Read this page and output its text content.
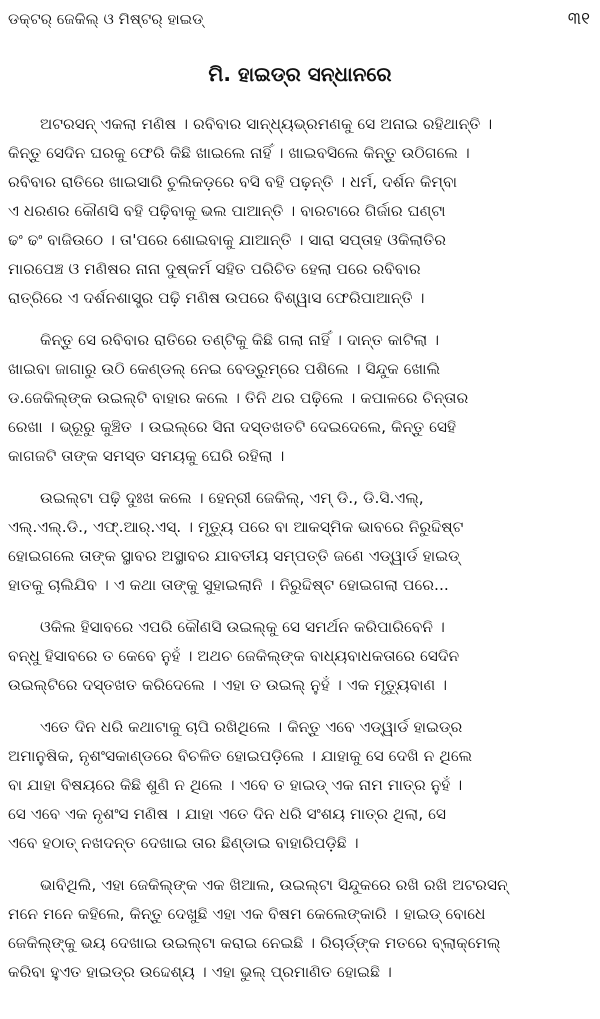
ଡକ୍ଟର୍ ଜେକିଲ୍ ଓ ମିଷ୍ଟର୍ ହାଇଡ୍	୩୧
ମି. ହାଇଡ୍‌ର ସନ୍ଧାନରେ

ଅଟରସନ୍ ଏକଲା ମଣିଷ । ରବିବାର ସାନ୍ଧ୍ୟଭ୍ରମଣକୁ ସେ ଅନାଇ ରହିଥାନ୍ତି ।
କିନ୍ତୁ ସେଦିନ ଘରକୁ ଫେରି କିଛି ଖାଇଲେ ନାହିଁ । ଖାଇବସିଲେ କିନ୍ତୁ ଉଠିଗଲେ ।
ରବିବାର ରାତିରେ ଖାଇସାରି ଚୁଲିକଡ଼ରେ ବସି ବହି ପଢ଼ନ୍ତି । ଧର୍ମ, ଦର୍ଶନ କିମ୍ବା
ଏ ଧରଣର କୌଣସି ବହି ପଢ଼ିବାକୁ ଭଲ ପାଆନ୍ତି । ବାରଟାରେ ଗିର୍ଜାର ଘଣ୍ଟା
ଢଂ ଢଂ ବାଜିଉଠେ । ତା'ପରେ ଶୋଇବାକୁ ଯାଆନ୍ତି । ସାରା ସପ୍ତାହ ଓକିଲାତିର
ମାରପେଞ୍ଚ ଓ ମଣିଷର ନାନା ଦୁଷ୍କର୍ମ ସହିତ ପରିଚିତ ହେଲା ପରେ ରବିବାର
ରାତ୍ରିରେ ଏ ଦର୍ଶନଶାସ୍ତ୍ର ପଢ଼ି ମଣିଷ ଉପରେ ବିଶ୍ୱାସ ଫେରିପାଆନ୍ତି ।

କିନ୍ତୁ ସେ ରବିବାର ରାତିରେ ତଣ୍ଟିକୁ କିଛି ଗଲା ନାହିଁ । ଦାନ୍ତ କାଟିଲା ।
ଖାଇବା ଜାଗାରୁ ଉଠି କେଣ୍ଡଲ୍ ନେଇ ବେଡ୍‌ରୁମ୍‌ରେ ପଶିଲେ । ସିନ୍ଦୁକ ଖୋଲି
ଡ.ଜେକିଲ୍‌ଙ୍କ ଉଇଲ୍‌ଟି ବାହାର କଲେ । ତିନି ଥର ପଢ଼ିଲେ । କପାଳରେ ଚିନ୍ତାର
ରେଖା । ଭ୍ରୂରୁ କୁଞ୍ଚିତ । ଉଇଲ୍‌ରେ ସିନା ଦସ୍ତଖତଟି ଦେଇଦେଲେ, କିନ୍ତୁ ସେହି
କାଗଜଟି ତାଙ୍କ ସମସ୍ତ ସମୟକୁ ଘେରି ରହିଲା ।

ଉଇଲ୍‌ଟା ପଢ଼ି ଦୁଃଖ କଲେ । ହେନ୍‌ରୀ ଜେକିଲ୍, ଏମ୍ ଡି., ଡି.ସି.ଏଲ୍,
ଏଲ୍.ଏଲ୍.ଡି., ଏଫ୍.ଆର୍.ଏସ୍. । ମୃତ୍ୟୁ ପରେ ବା ଆକସ୍ମିକ ଭାବରେ ନିରୁଦ୍ଦିଷ୍ଟ
ହୋଇଗଲେ ତାଙ୍କ ସ୍ଥାବର ଅସ୍ଥାବର ଯାବତୀୟ ସମ୍ପତ୍ତି ଜଣେ ଏଡ୍‌ୱାର୍ଡ ହାଇଡ୍
ହାତକୁ ଚାଲିଯିବ । ଏ କଥା ତାଙ୍କୁ ସୁହାଇଲାନି । ନିରୁଦ୍ଦିଷ୍ଟ ହୋଇଗଲା ପରେ...

ଓକିଲ ହିସାବରେ ଏପରି କୌଣସି ଉଇଲ୍‌କୁ ସେ ସମର୍ଥନ କରିପାରିବେନି ।
ବନ୍ଧୁ ହିସାବରେ ତ କେବେ ନୁହଁ । ଅଥଚ ଜେକିଲ୍‌ଙ୍କ ବାଧ୍ୟବାଧକତାରେ ସେଦିନ
ଉଇଲ୍‌ଟିରେ ଦସ୍ତଖତ କରିଦେଲେ । ଏହା ତ ଉଇଲ୍ ନୁହଁ । ଏକ ମୃତ୍ୟୁବାଣ ।

ଏତେ ଦିନ ଧରି କଥାଟାକୁ ଚାପି ରଖିଥିଲେ । କିନ୍ତୁ ଏବେ ଏଡ୍‌ୱାର୍ଡ ହାଇଡ୍‌ର
ଅମାନୁଷିକ, ନୃଶଂସକାଣ୍ଡରେ ବିଚଳିତ ହୋଇପଡ଼ିଲେ । ଯାହାକୁ ସେ ଦେଖି ନ ଥିଲେ
ବା ଯାହା ବିଷୟରେ କିଛି ଶୁଣି ନ ଥିଲେ । ଏବେ ତ ହାଇଡ୍ ଏକ ନାମ ମାତ୍ର ନୁହଁ ।
ସେ ଏବେ ଏକ ନୃଶଂସ ମଣିଷ । ଯାହା ଏତେ ଦିନ ଧରି ସଂଶୟ ମାତ୍ର ଥିଲା, ସେ
ଏବେ ହଠାତ୍ ନଖଦନ୍ତ ଦେଖାଇ ତାର ଛିଣ୍ଡାଇ ବାହାରିପଡ଼ିଛି ।

ଭାବିଥିଲି, ଏହା ଜେକିଲ୍‌ଙ୍କ ଏକ ଖିଆଲ, ଉଇଲ୍‌ଟା ସିନ୍ଦୁକରେ ରଖି ରଖି ଅଟରସନ୍
ମନେ ମନେ କହିଲେ, କିନ୍ତୁ ଦେଖୁଛି ଏହା ଏକ ବିଷମ କେଲେଙ୍କାରି । ହାଇଡ୍ ବୋଧେ
ଜେକିଲ୍‌ଙ୍କୁ ଭୟ ଦେଖାଇ ଉଇଲ୍‌ଟା କରାଇ ନେଇଛି । ରିଚାର୍ଡ୍‌ଙ୍କ ମତରେ ବ୍ଲାକ୍‌ମେଲ୍
କରିବା ହୁଏତ ହାଇଡ୍‌ର ଉଦ୍ଦେଶ୍ୟ । ଏହା ଭୁଲ୍ ପ୍ରମାଣିତ ହୋଇଛି ।
